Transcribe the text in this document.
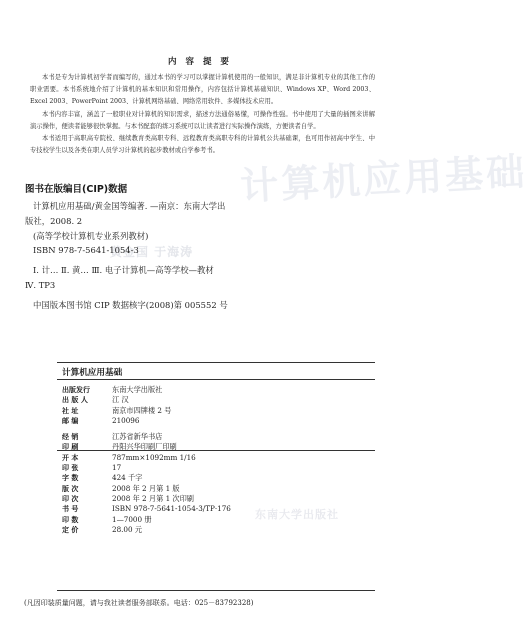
计算机应用基础
黄金国 于海涛
东南大学出版社
内 容 提 要

本书是专为计算机初学者而编写的，通过本书的学习可以掌握计算机使用的一般知识，满足非计算机专业的其他工作的职业需要。本书系统地介绍了计算机的基本知识和常用操作，内容包括计算机基础知识、Windows XP、Word 2003、Excel 2003、PowerPoint 2003、计算机网络基础、网络常用软件、多媒体技术应用。

本书内容丰富，涵盖了一般职业对计算机的知识需求，描述方法通俗易懂，可操作性强。书中使用了大量的插图来讲解演示操作，便读者能够很快掌握。与本书配套的练习系统可以让读者进行实际操作演练，方便读者自学。

本书适用于高职高专院校、继续教育类高职专科、远程教育类高职专科的计算机公共基础课，也可用作初高中学生、中专技校学生以及各类在职人员学习计算机的起步教材或自学参考书。

图书在版编目(CIP)数据
计算机应用基础/黄金国等编著. —南京：东南大学出
版社，2008. 2
(高等学校计算机专业系列教材)
ISBN 978-7-5641-1054-3
Ⅰ. 计… Ⅱ. 黄… Ⅲ. 电子计算机—高等学校—教材
Ⅳ. TP3
中国版本图书馆 CIP 数据核字(2008)第 005552 号
计算机应用基础
出版发行	东南大学出版社
出 版 人	江 汉
社 址	南京市四牌楼 2 号
邮 编	210096
经 销	江苏省新华书店
印 刷	丹阳兴华印刷厂印刷
开 本	787mm×1092mm 1/16
印 张	17
字 数	424 千字
版 次	2008 年 2 月第 1 版
印 次	2008 年 2 月第 1 次印刷
书 号	ISBN 978-7-5641-1054-3/TP·176
印 数	1—7000 册
定 价	28.00 元
(凡因印装质量问题，请与我社读者服务部联系。电话：025－83792328)
